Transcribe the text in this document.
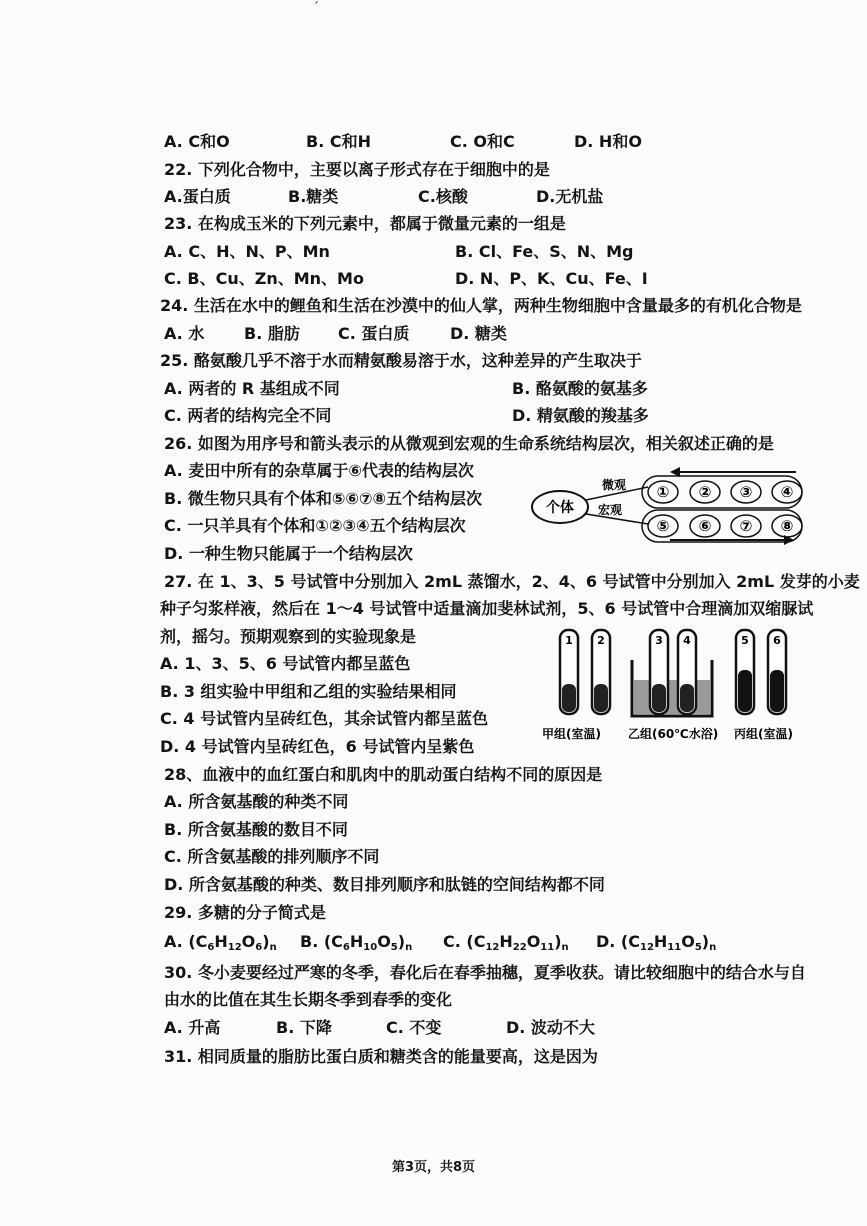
ˊ
A. C和O	B. C和H	C. O和C	D. H和O
22. 下列化合物中，主要以离子形式存在于细胞中的是
A.蛋白质	B.糖类	C.核酸	D.无机盐
23. 在构成玉米的下列元素中，都属于微量元素的一组是
A. C、H、N、P、Mn	B. Cl、Fe、S、N、Mg
C. B、Cu、Zn、Mn、Mo	D. N、P、K、Cu、Fe、I
24. 生活在水中的鲤鱼和生活在沙漠中的仙人掌，两种生物细胞中含量最多的有机化合物是
A. 水 B. 脂肪 C. 蛋白质	D. 糖类
25. 酪氨酸几乎不溶于水而精氨酸易溶于水，这种差异的产生取决于
A. 两者的 R 基组成不同	B. 酪氨酸的氨基多
C. 两者的结构完全不同	D. 精氨酸的羧基多
26. 如图为用序号和箭头表示的从微观到宏观的生命系统结构层次，相关叙述正确的是
A. 麦田中所有的杂草属于⑥代表的结构层次
B. 微生物只具有个体和⑤⑥⑦⑧五个结构层次
C. 一只羊具有个体和①②③④五个结构层次
D. 一种生物只能属于一个结构层次
个体
微观
宏观
① ② ③ ④
⑤ ⑥ ⑦ ⑧
27. 在 1、3、5 号试管中分别加入 2mL 蒸馏水，2、4、6 号试管中分别加入 2mL 发芽的小麦
种子匀浆样液，然后在 1～4 号试管中适量滴加斐林试剂，5、6 号试管中合理滴加双缩脲试
剂，摇匀。预期观察到的实验现象是
A. 1、3、5、6 号试管内都呈蓝色
B. 3 组实验中甲组和乙组的实验结果相同
C. 4 号试管内呈砖红色，其余试管内都呈蓝色
D. 4 号试管内呈砖红色，6 号试管内呈紫色
1 2	3 4	5 6
甲组(室温) 乙组(60℃水浴) 丙组(室温)
28、血液中的血红蛋白和肌肉中的肌动蛋白结构不同的原因是
A. 所含氨基酸的种类不同
B. 所含氨基酸的数目不同
C. 所含氨基酸的排列顺序不同
D. 所含氨基酸的种类、数目排列顺序和肽链的空间结构都不同
29. 多糖的分子简式是
A. $(C_6H_{12}O_6)_n$ B. $(C_6H_{10}O_5)_n$ C. $(C_{12}H_{22}O_{11})_n$ D. $(C_{12}H_{11}O_5)_n$
30. 冬小麦要经过严寒的冬季，春化后在春季抽穗，夏季收获。请比较细胞中的结合水与自
由水的比值在其生长期冬季到春季的变化
A. 升高	B. 下降	C. 不变	D. 波动不大
31. 相同质量的脂肪比蛋白质和糖类含的能量要高，这是因为
第3页，共8页
